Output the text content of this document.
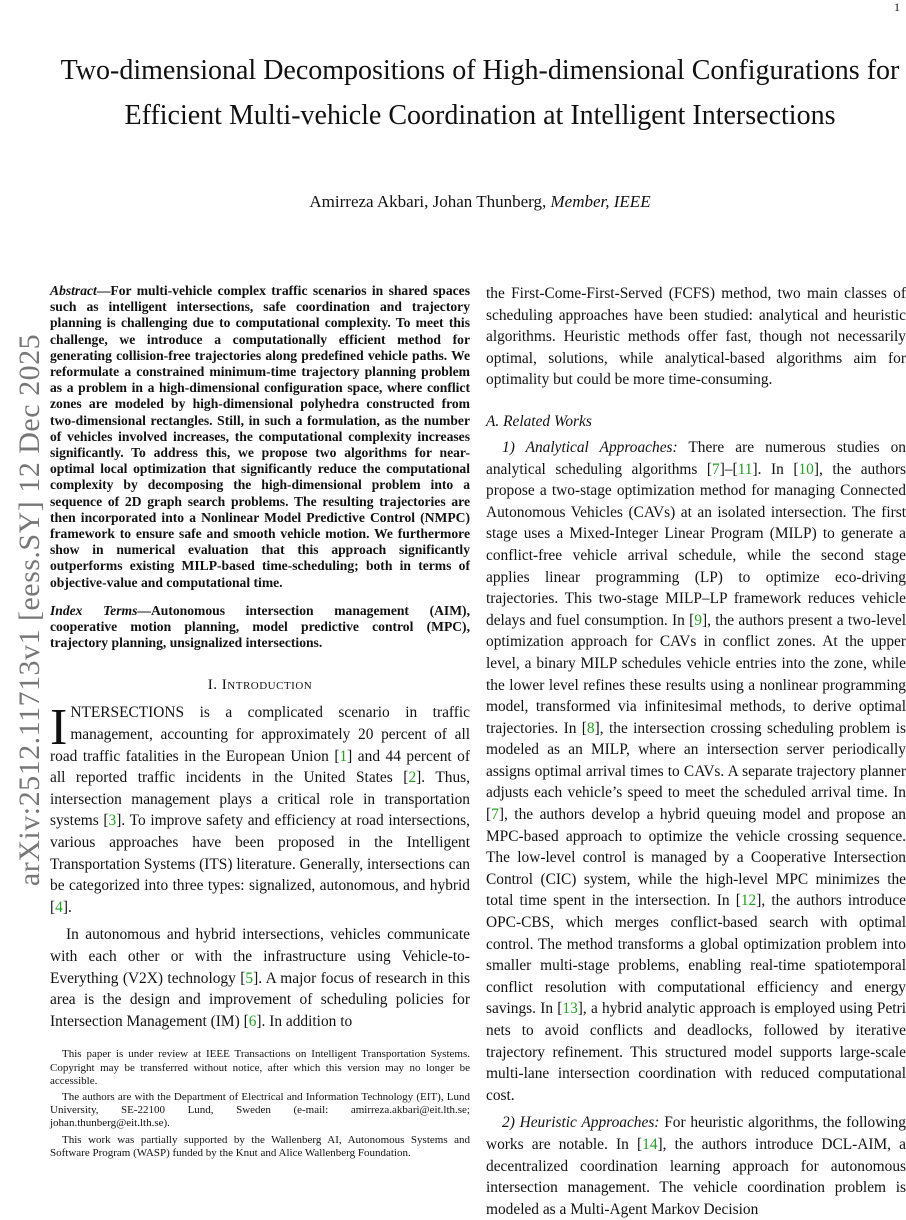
1
arXiv:2512.11713v1 [eess.SY] 12 Dec 2025
Two-dimensional Decompositions of High-dimensional Configurations for Efficient Multi-vehicle Coordination at Intelligent Intersections
Amirreza Akbari, Johan Thunberg, Member, IEEE

Abstract—For multi-vehicle complex traffic scenarios in shared spaces such as intelligent intersections, safe coordination and trajectory planning is challenging due to computational complexity. To meet this challenge, we introduce a computationally efficient method for generating collision-free trajectories along predefined vehicle paths. We reformulate a constrained minimum-time trajectory planning problem as a problem in a high-dimensional configuration space, where conflict zones are modeled by high-dimensional polyhedra constructed from two-dimensional rectangles. Still, in such a formulation, as the number of vehicles involved increases, the computational complexity increases significantly. To address this, we propose two algorithms for near-optimal local optimization that significantly reduce the computational complexity by decomposing the high-dimensional problem into a sequence of 2D graph search problems. The resulting trajectories are then incorporated into a Nonlinear Model Predictive Control (NMPC) framework to ensure safe and smooth vehicle motion. We furthermore show in numerical evaluation that this approach significantly outperforms existing MILP-based time-scheduling; both in terms of objective-value and computational time.

Index Terms—Autonomous intersection management (AIM), cooperative motion planning, model predictive control (MPC), trajectory planning, unsignalized intersections.

I. Introduction

INTERSECTIONS is a complicated scenario in traffic management, accounting for approximately 20 percent of all road traffic fatalities in the European Union [1] and 44 percent of all reported traffic incidents in the United States [2]. Thus, intersection management plays a critical role in transportation systems [3]. To improve safety and efficiency at road intersections, various approaches have been proposed in the Intelligent Transportation Systems (ITS) literature. Generally, intersections can be categorized into three types: signalized, autonomous, and hybrid [4].

In autonomous and hybrid intersections, vehicles communicate with each other or with the infrastructure using Vehicle-to-Everything (V2X) technology [5]. A major focus of research in this area is the design and improvement of scheduling policies for Intersection Management (IM) [6]. In addition to

This paper is under review at IEEE Transactions on Intelligent Transportation Systems. Copyright may be transferred without notice, after which this version may no longer be accessible.

The authors are with the Department of Electrical and Information Technology (EIT), Lund University, SE-22100 Lund, Sweden (e-mail: amirreza.akbari@eit.lth.se; johan.thunberg@eit.lth.se).

This work was partially supported by the Wallenberg AI, Autonomous Systems and Software Program (WASP) funded by the Knut and Alice Wallenberg Foundation.

the First-Come-First-Served (FCFS) method, two main classes of scheduling approaches have been studied: analytical and heuristic algorithms. Heuristic methods offer fast, though not necessarily optimal, solutions, while analytical-based algorithms aim for optimality but could be more time-consuming.

A. Related Works

1) Analytical Approaches: There are numerous studies on analytical scheduling algorithms [7]–[11]. In [10], the authors propose a two-stage optimization method for managing Connected Autonomous Vehicles (CAVs) at an isolated intersection. The first stage uses a Mixed-Integer Linear Program (MILP) to generate a conflict-free vehicle arrival schedule, while the second stage applies linear programming (LP) to optimize eco-driving trajectories. This two-stage MILP–LP framework reduces vehicle delays and fuel consumption. In [9], the authors present a two-level optimization approach for CAVs in conflict zones. At the upper level, a binary MILP schedules vehicle entries into the zone, while the lower level refines these results using a nonlinear programming model, transformed via infinitesimal methods, to derive optimal trajectories. In [8], the intersection crossing scheduling problem is modeled as an MILP, where an intersection server periodically assigns optimal arrival times to CAVs. A separate trajectory planner adjusts each vehicle’s speed to meet the scheduled arrival time. In [7], the authors develop a hybrid queuing model and propose an MPC-based approach to optimize the vehicle crossing sequence. The low-level control is managed by a Cooperative Intersection Control (CIC) system, while the high-level MPC minimizes the total time spent in the intersection. In [12], the authors introduce OPC-CBS, which merges conflict-based search with optimal control. The method transforms a global optimization problem into smaller multi-stage problems, enabling real-time spatiotemporal conflict resolution with computational efficiency and energy savings. In [13], a hybrid analytic approach is employed using Petri nets to avoid conflicts and deadlocks, followed by iterative trajectory refinement. This structured model supports large-scale multi-lane intersection coordination with reduced computational cost.

2) Heuristic Approaches: For heuristic algorithms, the following works are notable. In [14], the authors introduce DCL-AIM, a decentralized coordination learning approach for autonomous intersection management. The vehicle coordination problem is modeled as a Multi-Agent Markov Decision
